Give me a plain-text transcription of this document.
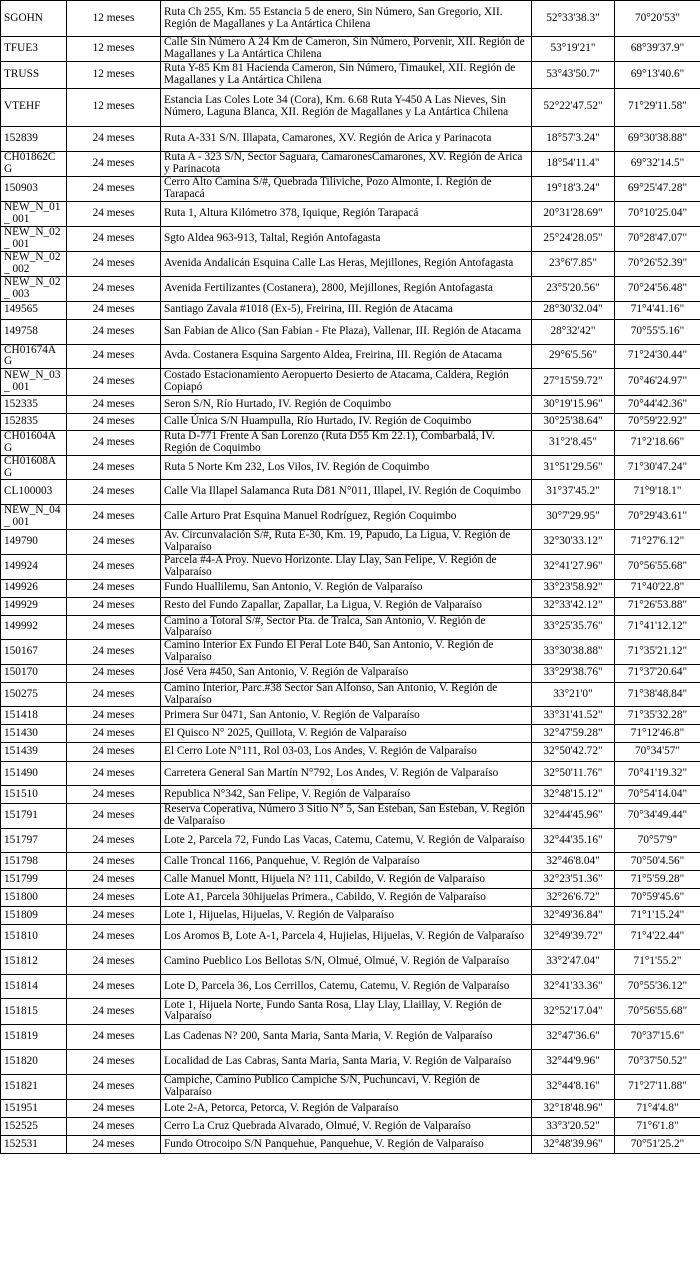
SGOHN	12 meses	Ruta Ch 255, Km. 55 Estancia 5 de enero, Sin Número, San Gregorio, XII. Región de Magallanes y La Antártica Chilena	52°33'38.3"	70°20'53"
TFUE3	12 meses	Calle Sin Número A 24 Km de Cameron, Sin Número, Porvenir, XII. Región de Magallanes y La Antártica Chilena	53°19'21"	68°39'37.9"
TRUSS	12 meses	Ruta Y-85 Km 81 Hacienda Cameron, Sin Número, Timaukel, XII. Región de Magallanes y La Antártica Chilena	53°43'50.7"	69°13'40.6"
VTEHF	12 meses	Estancia Las Coles Lote 34 (Cora), Km. 6.68 Ruta Y-450 A Las Nieves, Sin Número, Laguna Blanca, XII. Región de Magallanes y La Antártica Chilena	52°22'47.52"	71°29'11.58"
152839	24 meses	Ruta A-331 S/N. Illapata, Camarones, XV. Región de Arica y Parinacota	18°57'3.24"	69°30'38.88"
CH01862CG	24 meses	Ruta A - 323 S/N, Sector Saguara, CamaronesCamarones, XV. Región de Arica y Parinacota	18°54'11.4"	69°32'14.5"
150903	24 meses	Cerro Alto Camina S/#, Quebrada Tiliviche, Pozo Almonte, I. Región de Tarapacá	19°18'3.24"	69°25'47.28"
NEW_N_01_ 001	24 meses	Ruta 1, Altura Kilómetro 378, Iquique, Región Tarapacá	20°31'28.69"	70°10'25.04"
NEW_N_02_ 001	24 meses	Sgto Aldea 963-913, Taltal, Región Antofagasta	25°24'28.05"	70°28'47.07"
NEW_N_02_ 002	24 meses	Avenida Andalicán Esquina Calle Las Heras, Mejillones, Región Antofagasta	23°6'7.85"	70°26'52.39"
NEW_N_02_ 003	24 meses	Avenida Fertilizantes (Costanera), 2800, Mejillones, Región Antofagasta	23°5'20.56"	70°24'56.48"
149565	24 meses	Santiago Zavala #1018 (Ex-5), Freirina, III. Región de Atacama	28°30'32.04"	71°4'41.16"
149758	24 meses	San Fabian de Alico (San Fabian - Fte Plaza), Vallenar, III. Región de Atacama	28°32'42"	70°55'5.16"
CH01674AG	24 meses	Avda. Costanera Esquina Sargento Aldea, Freirina, III. Región de Atacama	29°6'5.56"	71°24'30.44"
NEW_N_03_ 001	24 meses	Costado Estacionamiento Aeropuerto Desierto de Atacama, Caldera, Región Copiapó	27°15'59.72"	70°46'24.97"
152335	24 meses	Seron S/N, Río Hurtado, IV. Región de Coquimbo	30°19'15.96"	70°44'42.36"
152835	24 meses	Calle Única S/N Huampulla, Río Hurtado, IV. Región de Coquimbo	30°25'38.64"	70°59'22.92"
CH01604AG	24 meses	Ruta D-771 Frente A San Lorenzo (Ruta D55 Km 22.1), Combarbalá, IV. Región de Coquimbo	31°2'8.45"	71°2'18.66"
CH01608AG	24 meses	Ruta 5 Norte Km 232, Los Vilos, IV. Región de Coquimbo	31°51'29.56"	71°30'47.24"
CL100003	24 meses	Calle Via Illapel Salamanca Ruta D81 N°011, Illapel, IV. Región de Coquimbo	31°37'45.2"	71°9'18.1"
NEW_N_04_ 001	24 meses	Calle Arturo Prat Esquina Manuel Rodríguez, Región Coquimbo	30°7'29.95"	70°29'43.61"
149790	24 meses	Av. Circunvalación S/#, Ruta E-30, Km. 19, Papudo, La Ligua, V. Región de Valparaíso	32°30'33.12"	71°27'6.12"
149924	24 meses	Parcela #4-A Proy. Nuevo Horizonte. Llay Llay, San Felipe, V. Región de Valparaíso	32°41'27.96"	70°56'55.68"
149926	24 meses	Fundo Huallilemu, San Antonio, V. Región de Valparaíso	33°23'58.92"	71°40'22.8"
149929	24 meses	Resto del Fundo Zapallar, Zapallar, La Ligua, V. Región de Valparaíso	32°33'42.12"	71°26'53.88"
149992	24 meses	Camino a Totoral S/#, Sector Pta. de Tralca, San Antonio, V. Región de Valparaíso	33°25'35.76"	71°41'12.12"
150167	24 meses	Camino Interior Ex Fundo El Peral Lote B40, San Antonio, V. Región de Valparaíso	33°30'38.88"	71°35'21.12"
150170	24 meses	José Vera #450, San Antonio, V. Región de Valparaíso	33°29'38.76"	71°37'20.64"
150275	24 meses	Camino Interior, Parc.#38 Sector San Alfonso, San Antonio, V. Región de Valparaíso	33°21'0"	71°38'48.84"
151418	24 meses	Primera Sur 0471, San Antonio, V. Región de Valparaíso	33°31'41.52"	71°35'32.28"
151430	24 meses	El Quisco N° 2025, Quillota, V. Región de Valparaíso	32°47'59.28"	71°12'46.8"
151439	24 meses	El Cerro Lote N°111, Rol 03-03, Los Andes, V. Región de Valparaíso	32°50'42.72"	70°34'57"
151490	24 meses	Carretera General San Martín N°792, Los Andes, V. Región de Valparaíso	32°50'11.76"	70°41'19.32"
151510	24 meses	Republica N°342, San Felipe, V. Región de Valparaíso	32°48'15.12"	70°54'14.04"
151791	24 meses	Reserva Coperativa, Número 3 Sitio N° 5, San Esteban, San Esteban, V. Región de Valparaíso	32°44'45.96"	70°34'49.44"
151797	24 meses	Lote 2, Parcela 72, Fundo Las Vacas, Catemu, Catemu, V. Región de Valparaíso	32°44'35.16"	70°57'9"
151798	24 meses	Calle Troncal 1166, Panquehue, V. Región de Valparaíso	32°46'8.04"	70°50'4.56"
151799	24 meses	Calle Manuel Montt, Hijuela N? 111, Cabildo, V. Región de Valparaíso	32°23'51.36"	71°5'59.28"
151800	24 meses	Lote A1, Parcela 30hijuelas Primera., Cabildo, V. Región de Valparaíso	32°26'6.72"	70°59'45.6"
151809	24 meses	Lote 1, Hijuelas, Hijuelas, V. Región de Valparaíso	32°49'36.84"	71°1'15.24"
151810	24 meses	Los Aromos B, Lote A-1, Parcela 4, Hujielas, Hijuelas, V. Región de Valparaíso	32°49'39.72"	71°4'22.44"
151812	24 meses	Camino Pueblico Los Bellotas S/N, Olmué, Olmué, V. Región de Valparaíso	33°2'47.04"	71°1'55.2"
151814	24 meses	Lote D, Parcela 36, Los Cerrillos, Catemu, Catemu, V. Región de Valparaíso	32°41'33.36"	70°55'36.12"
151815	24 meses	Lote 1, Hijuela Norte, Fundo Santa Rosa, Llay Llay, Llaillay, V. Región de Valparaíso	32°52'17.04"	70°56'55.68"
151819	24 meses	Las Cadenas N? 200, Santa Maria, Santa Maria, V. Región de Valparaíso	32°47'36.6"	70°37'15.6"
151820	24 meses	Localidad de Las Cabras, Santa Maria, Santa Maria, V. Región de Valparaíso	32°44'9.96"	70°37'50.52"
151821	24 meses	Campiche, Camino Publico Campiche S/N, Puchuncavi, V. Región de Valparaíso	32°44'8.16"	71°27'11.88"
151951	24 meses	Lote 2-A, Petorca, Petorca, V. Región de Valparaíso	32°18'48.96"	71°4'4.8"
152525	24 meses	Cerro La Cruz Quebrada Alvarado, Olmué, V. Región de Valparaíso	33°3'20.52"	71°6'1.8"
152531	24 meses	Fundo Otrocoipo S/N Panquehue, Panquehue, V. Región de Valparaíso	32°48'39.96"	70°51'25.2"
